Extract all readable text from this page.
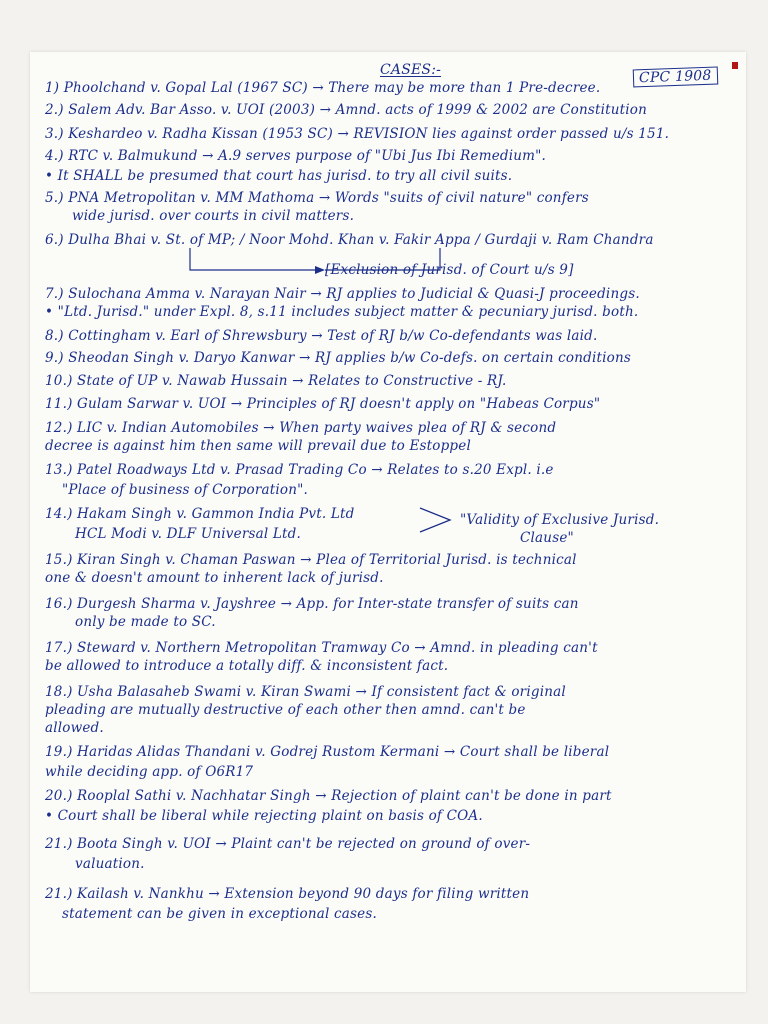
CASES:-	CPC 1908
1) Phoolchand v. Gopal Lal (1967 SC) → There may be more than 1 Pre-decree.
2.) Salem Adv. Bar Asso. v. UOI (2003) → Amnd. acts of 1999 & 2002 are Constitution
3.) Keshardeo v. Radha Kissan (1953 SC) → REVISION lies against order passed u/s 151.
4.) RTC v. Balmukund → A.9 serves purpose of "Ubi Jus Ibi Remedium".
• It SHALL be presumed that court has jurisd. to try all civil suits.
5.) PNA Metropolitan v. MM Mathoma → Words "suits of civil nature" confers
wide jurisd. over courts in civil matters.
6.) Dulha Bhai v. St. of MP; / Noor Mohd. Khan v. Fakir Appa / Gurdaji v. Ram Chandra
[Exclusion of Jurisd. of Court u/s 9]
7.) Sulochana Amma v. Narayan Nair → RJ applies to Judicial & Quasi-J proceedings.
• "Ltd. Jurisd." under Expl. 8, s.11 includes subject matter & pecuniary jurisd. both.
8.) Cottingham v. Earl of Shrewsbury → Test of RJ b/w Co-defendants was laid.
9.) Sheodan Singh v. Daryo Kanwar → RJ applies b/w Co-defs. on certain conditions
10.) State of UP v. Nawab Hussain → Relates to Constructive - RJ.
11.) Gulam Sarwar v. UOI → Principles of RJ doesn't apply on "Habeas Corpus"
12.) LIC v. Indian Automobiles → When party waives plea of RJ & second
decree is against him then same will prevail due to Estoppel
13.) Patel Roadways Ltd v. Prasad Trading Co → Relates to s.20 Expl. i.e
"Place of business of Corporation".
14.) Hakam Singh v. Gammon India Pvt. Ltd
HCL Modi v. DLF Universal Ltd.
"Validity of Exclusive Jurisd.
Clause"
15.) Kiran Singh v. Chaman Paswan → Plea of Territorial Jurisd. is technical
one & doesn't amount to inherent lack of jurisd.
16.) Durgesh Sharma v. Jayshree → App. for Inter-state transfer of suits can
only be made to SC.
17.) Steward v. Northern Metropolitan Tramway Co → Amnd. in pleading can't
be allowed to introduce a totally diff. & inconsistent fact.
18.) Usha Balasaheb Swami v. Kiran Swami → If consistent fact & original
pleading are mutually destructive of each other then amnd. can't be
allowed.
19.) Haridas Alidas Thandani v. Godrej Rustom Kermani → Court shall be liberal
while deciding app. of O6R17
20.) Rooplal Sathi v. Nachhatar Singh → Rejection of plaint can't be done in part
• Court shall be liberal while rejecting plaint on basis of COA.
21.) Boota Singh v. UOI → Plaint can't be rejected on ground of over-
valuation.
21.) Kailash v. Nankhu → Extension beyond 90 days for filing written
statement can be given in exceptional cases.
